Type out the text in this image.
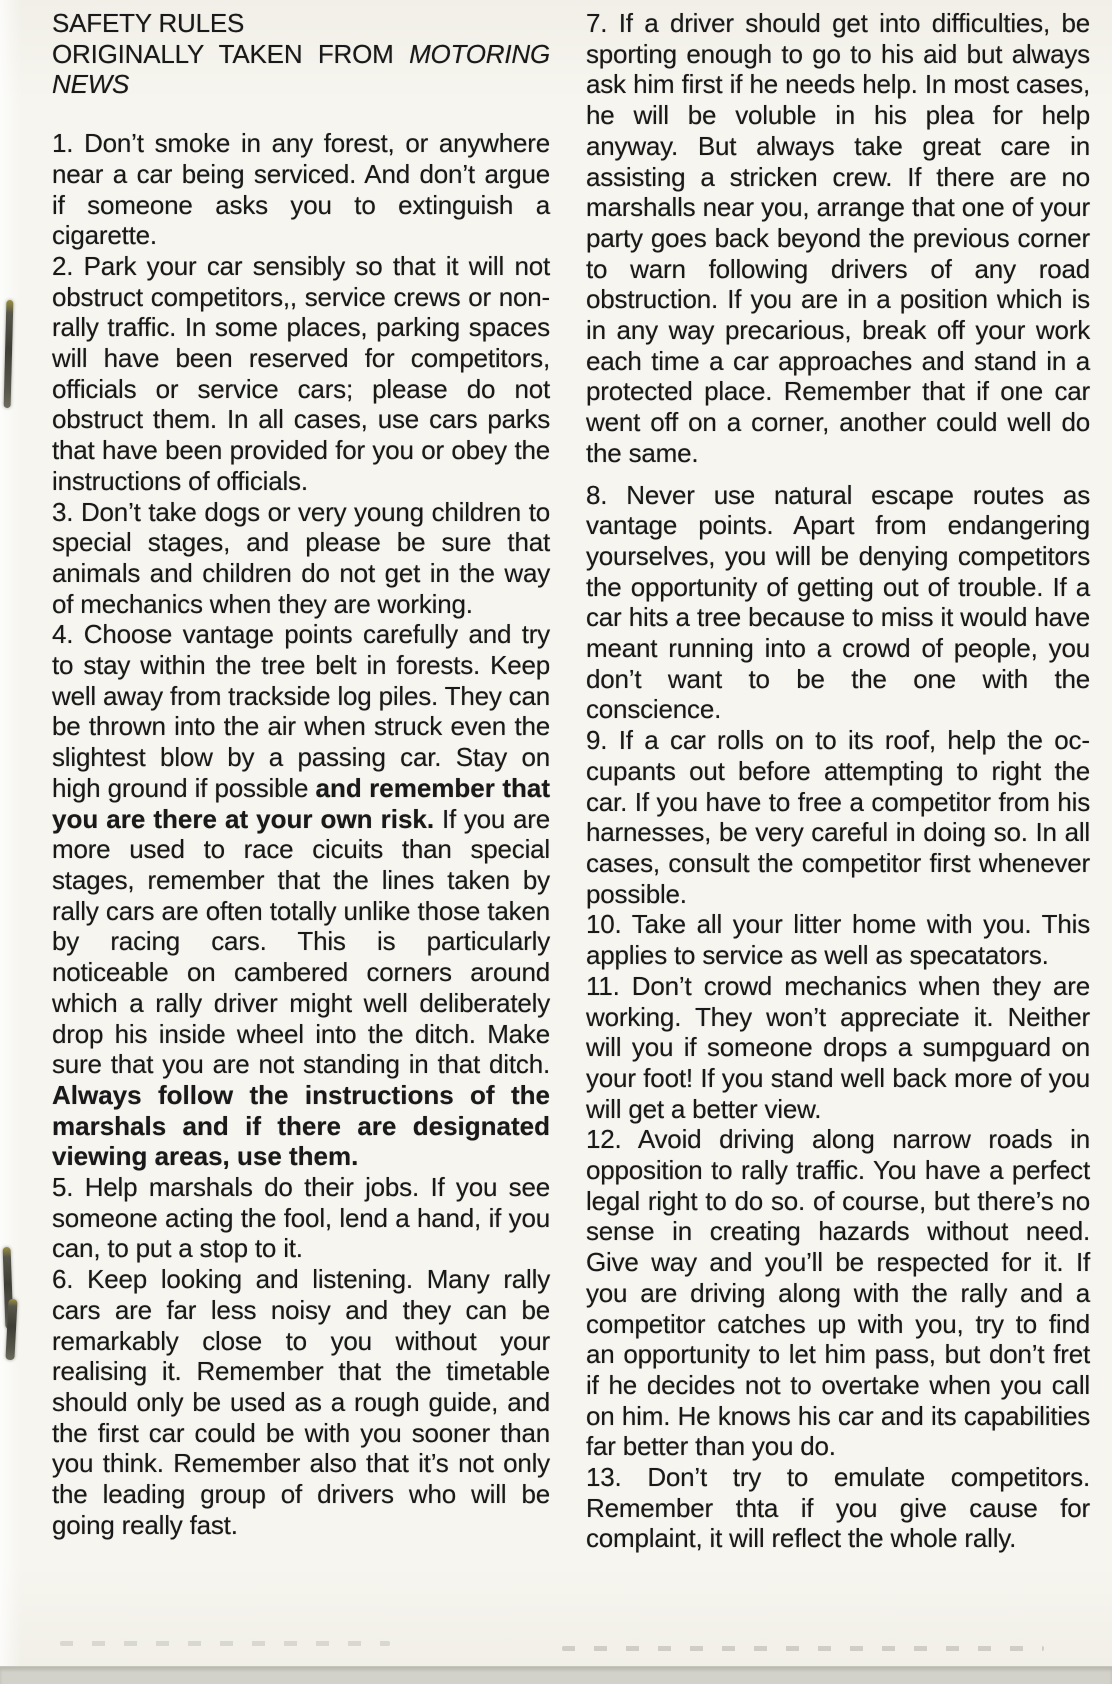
SAFETY RULES
ORIGINALLY TAKEN FROM MOTORING NEWS

1. Don’t smoke in any forest, or anywhere near a car being serviced. And don’t argue if someone asks you to extinguish a cigarette.

2. Park your car sensibly so that it will not obstruct competitors,, service crews or non-rally traffic. In some places, parking spaces will have been reserved for competitors, officials or service cars; please do not obstruct them. In all cases, use cars parks that have been provided for you or obey the instructions of officials.

3. Don’t take dogs or very young children to special stages, and please be sure that animals and children do not get in the way of mechanics when they are working.

4. Choose vantage points carefully and try to stay within the tree belt in forests. Keep well away from trackside log piles. They can be thrown into the air when struck even the slightest blow by a passing car. Stay on high ground if possible and remember that you are there at your own risk. If you are more used to race cicuits than special stages, remember that the lines taken by rally cars are often totally unlike those taken by racing cars. This is particularly noticeable on cambered corners around which a rally driver might well deliberately drop his inside wheel into the ditch. Make sure that you are not standing in that ditch. Always follow the instructions of the marshals and if there are designated viewing areas, use them.

5. Help marshals do their jobs. If you see someone acting the fool, lend a hand, if you can, to put a stop to it.

6. Keep looking and listening. Many rally cars are far less noisy and they can be remarkably close to you without your realising it. Remember that the timetable should only be used as a rough guide, and the first car could be with you sooner than you think. Remember also that it’s not only the leading group of drivers who will be going really fast.

7. If a driver should get into difficulties, be sporting enough to go to his aid but always ask him first if he needs help. In most cases, he will be voluble in his plea for help anyway. But always take great care in assisting a stricken crew. If there are no marshalls near you, arrange that one of your party goes back beyond the previous corner to warn following drivers of any road obstruction. If you are in a position which is in any way precarious, break off your work each time a car approaches and stand in a protected place. Remember that if one car went off on a corner, another could well do the same.

8. Never use natural escape routes as vantage points. Apart from endangering yourselves, you will be denying competitors the opportunity of getting out of trouble. If a car hits a tree because to miss it would have meant running into a crowd of people, you don’t want to be the one with the conscience.

9. If a car rolls on to its roof, help the occupants out before attempting to right the car. If you have to free a competitor from his harnesses, be very careful in doing so. In all cases, consult the competitor first whenever possible.

10. Take all your litter home with you. This applies to service as well as specatators.

11. Don’t crowd mechanics when they are working. They won’t appreciate it. Neither will you if someone drops a sumpguard on your foot! If you stand well back more of you will get a better view.

12. Avoid driving along narrow roads in opposition to rally traffic. You have a perfect legal right to do so. of course, but there’s no sense in creating hazards without need. Give way and you’ll be respected for it. If you are driving along with the rally and a competitor catches up with you, try to find an opportunity to let him pass, but don’t fret if he decides not to overtake when you call on him. He knows his car and its capabilities far better than you do.

13. Don’t try to emulate competitors. Remember thta if you give cause for complaint, it will reflect the whole rally.
